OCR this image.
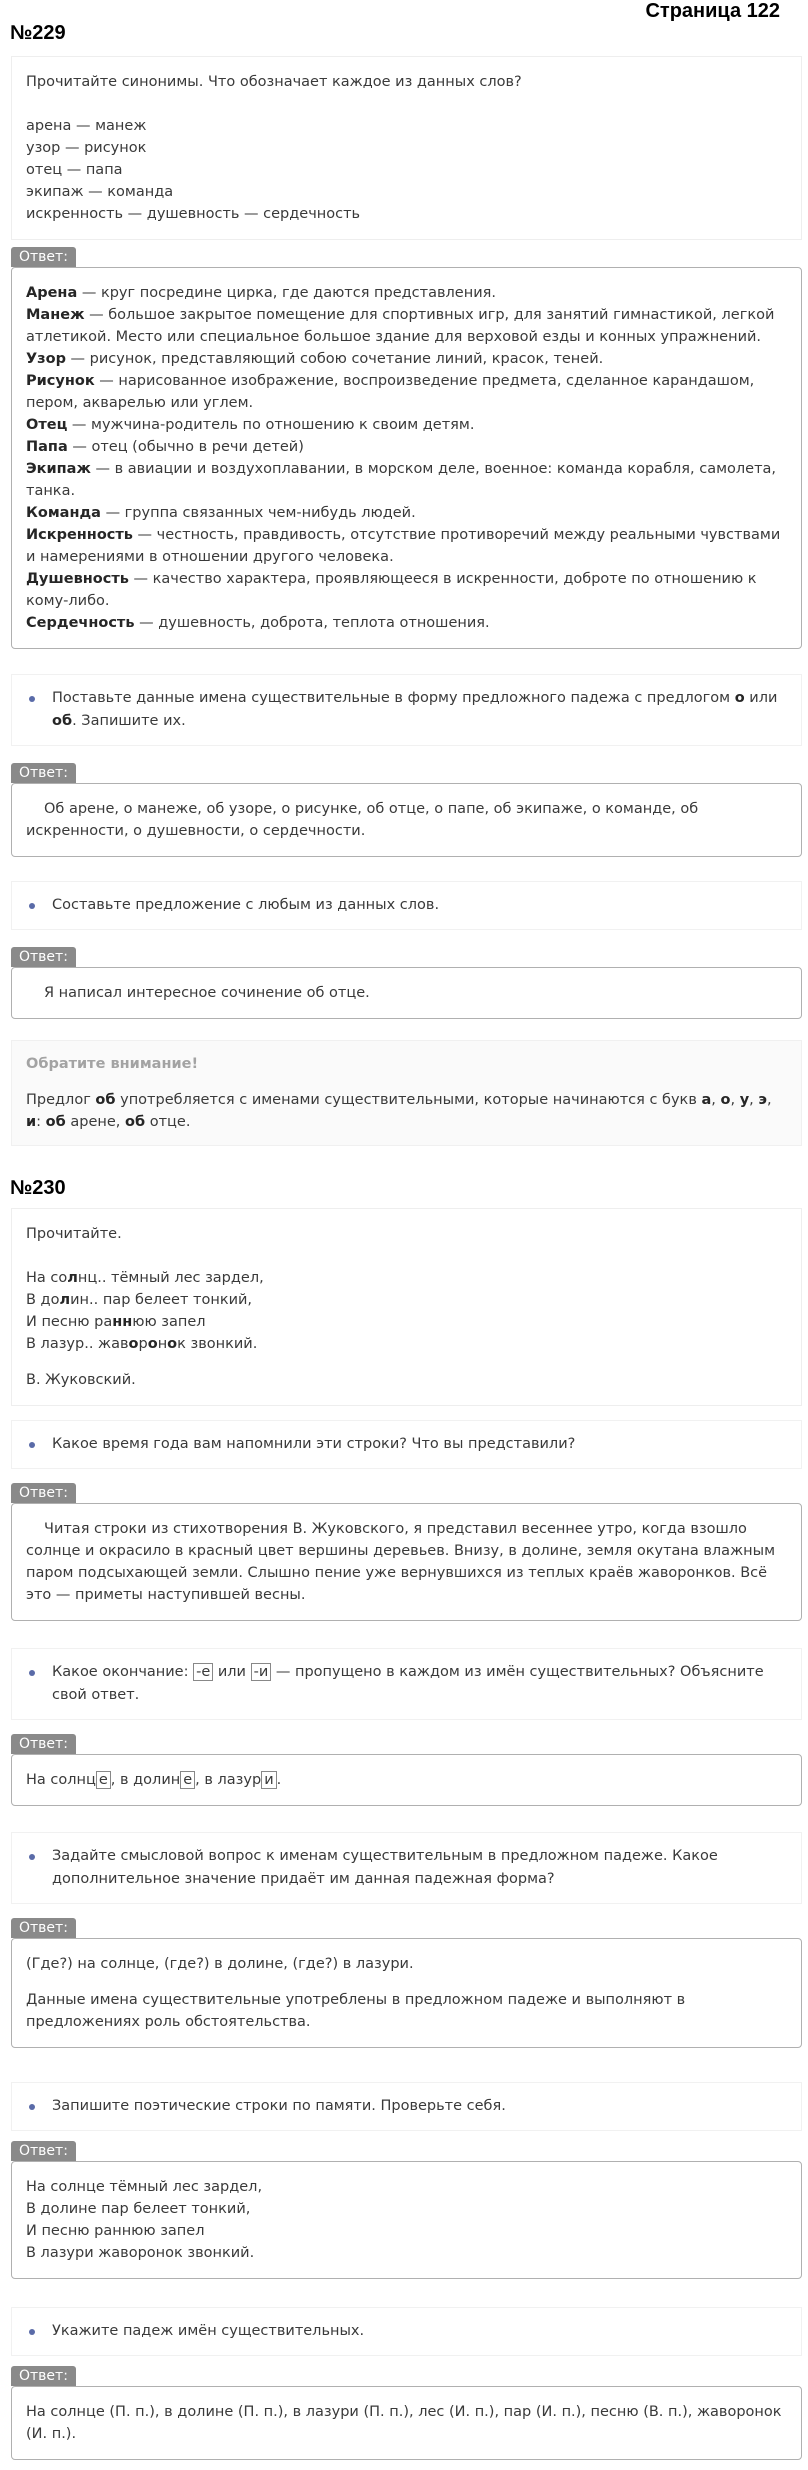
Страница 122
№229
Прочитайте синонимы. Что обозначает каждое из данных слов?
арена — манеж
узор — рисунок
отец — папа
экипаж — команда
искренность — душевность — сердечность
Ответ:

Арена — круг посредине цирка, где даются представления.

Манеж — большое закрытое помещение для спортивных игр, для занятий гимнастикой, легкой атлетикой. Место или специальное большое здание для верховой езды и конных упражнений.

Узор — рисунок, представляющий собою сочетание линий, красок, теней.

Рисунок — нарисованное изображение, воспроизведение предмета, сделанное карандашом, пером, акварелью или углем.

Отец — мужчина-родитель по отношению к своим детям.

Папа — отец (обычно в речи детей)

Экипаж — в авиации и воздухоплавании, в морском деле, военное: команда корабля, самолета, танка.

Команда — группа связанных чем-нибудь людей.

Искренность — честность, правдивость, отсутствие противоречий между реальными чувствами и намерениями в отношении другого человека.

Душевность — качество характера, проявляющееся в искренности, доброте по отношению к кому-либо.

Сердечность — душевность, доброта, теплота отношения.

Поставьте данные имена существительные в форму предложного падежа с предлогом о или об. Запишите их.
Ответ:

Об арене, о манеже, об узоре, о рисунке, об отце, о папе, об экипаже, о команде, об искренности, о душевности, о сердечности.

Составьте предложение с любым из данных слов.
Ответ:

Я написал интересное сочинение об отце.

Обратите внимание!
Предлог об употребляется с именами существительными, которые начинаются с букв а, о, у, э, и: об арене, об отце.
№230
Прочитайте.
На солнц.. тёмный лес зардел,
В долин.. пар белеет тонкий,
И песню раннюю запел
В лазур.. жаворонок звонкий.
В. Жуковский.
Какое время года вам напомнили эти строки? Что вы представили?
Ответ:

Читая строки из стихотворения В. Жуковского, я представил весеннее утро, когда взошло солнце и окрасило в красный цвет вершины деревьев. Внизу, в долине, земля окутана влажным паром подсыхающей земли. Слышно пение уже вернувшихся из теплых краёв жаворонков. Всё это — приметы наступившей весны.

Какое окончание: -е или -и — пропущено в каждом из имён существительных? Объясните свой ответ.
Ответ:

На солнц е , в долин е , в лазур и .

Задайте смысловой вопрос к именам существительным в предложном падеже. Какое дополнительное значение придаёт им данная падежная форма?
Ответ:

(Где?) на солнце, (где?) в долине, (где?) в лазури.

Данные имена существительные употреблены в предложном падеже и выполняют в предложениях роль обстоятельства.

Запишите поэтические строки по памяти. Проверьте себя.
Ответ:

На солнце тёмный лес зардел,

В долине пар белеет тонкий,

И песню раннюю запел

В лазури жаворонок звонкий.

Укажите падеж имён существительных.
Ответ:

На солнце (П. п.), в долине (П. п.), в лазури (П. п.), лес (И. п.), пар (И. п.), песню (В. п.), жаворонок (И. п.).
